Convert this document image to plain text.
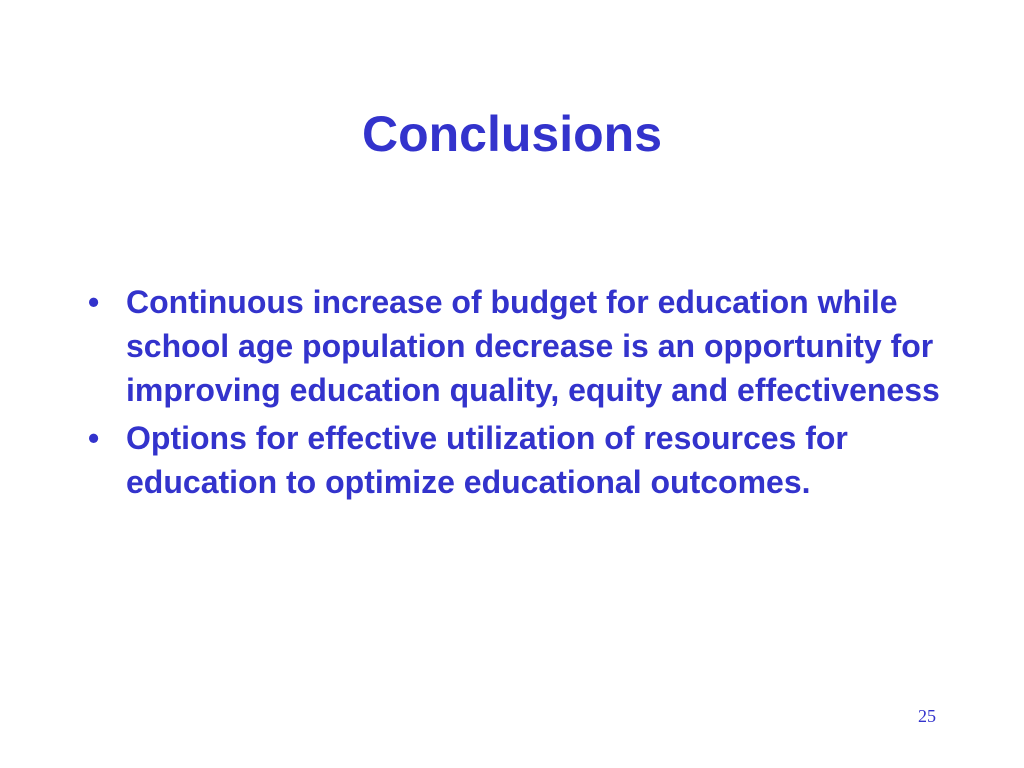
Conclusions
• Continuous increase of budget for education while school age population decrease is an opportunity for improving education quality, equity and effectiveness
• Options for effective utilization of resources for education to optimize educational outcomes.
25
